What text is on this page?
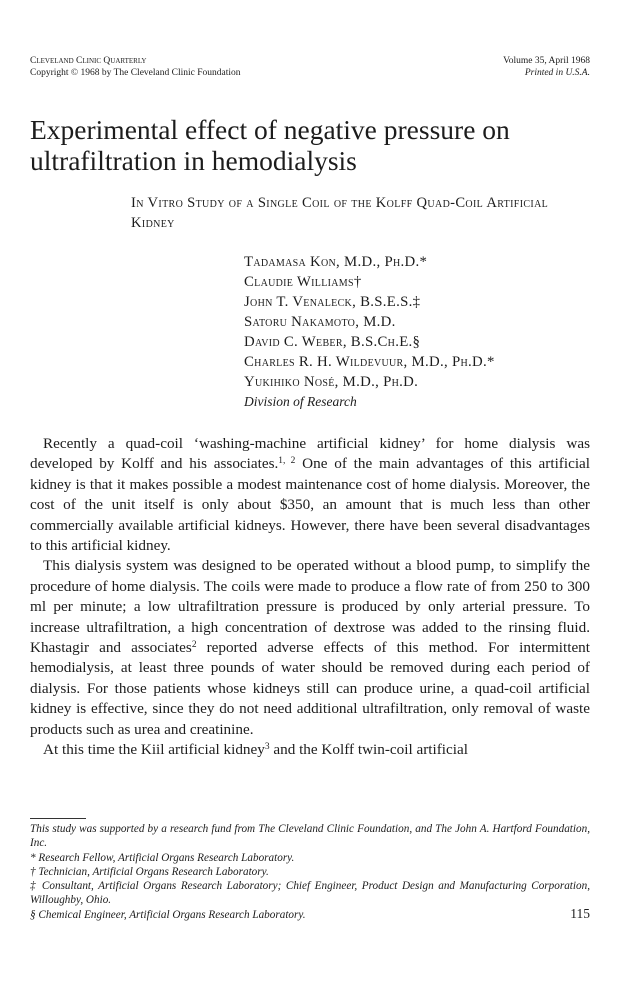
Cleveland Clinic Quarterly
Copyright © 1968 by The Cleveland Clinic Foundation
Volume 35, April 1968
Printed in U.S.A.
Experimental effect of negative pressure on ultrafiltration in hemodialysis

In Vitro Study of a Single Coil of the Kolff Quad-Coil Artificial Kidney

Tadamasa Kon, M.D., Ph.D.*
Claudie Williams†
John T. Venaleck, B.S.E.S.‡
Satoru Nakamoto, M.D.
David C. Weber, B.S.Ch.E.§
Charles R. H. Wildevuur, M.D., Ph.D.*
Yukihiko Nosé, M.D., Ph.D.
Division of Research

Recently a quad-coil ‘washing-machine artificial kidney’ for home dialysis was developed by Kolff and his associates.$^{1, 2}$ One of the main advantages of this artificial kidney is that it makes possible a modest maintenance cost of home dialysis. Moreover, the cost of the unit itself is only about $350, an amount that is much less than other commercially available artificial kidneys. However, there have been several disadvantages to this artificial kidney.

This dialysis system was designed to be operated without a blood pump, to simplify the procedure of home dialysis. The coils were made to produce a flow rate of from 250 to 300 ml per minute; a low ultrafiltration pressure is produced by only arterial pressure. To increase ultrafiltration, a high concentration of dextrose was added to the rinsing fluid. Khastagir and associates$^2$ reported adverse effects of this method. For intermittent hemodialysis, at least three pounds of water should be removed during each period of dialysis. For those patients whose kidneys still can produce urine, a quad-coil artificial kidney is effective, since they do not need additional ultrafiltration, only removal of waste products such as urea and creatinine.

At this time the Kiil artificial kidney$^3$ and the Kolff twin-coil artificial

This study was supported by a research fund from The Cleveland Clinic Foundation, and The John A. Hartford Foundation, Inc.
* Research Fellow, Artificial Organs Research Laboratory.
† Technician, Artificial Organs Research Laboratory.
‡ Consultant, Artificial Organs Research Laboratory; Chief Engineer, Product Design and Manufacturing Corporation, Willoughby, Ohio.
§ Chemical Engineer, Artificial Organs Research Laboratory.	115
